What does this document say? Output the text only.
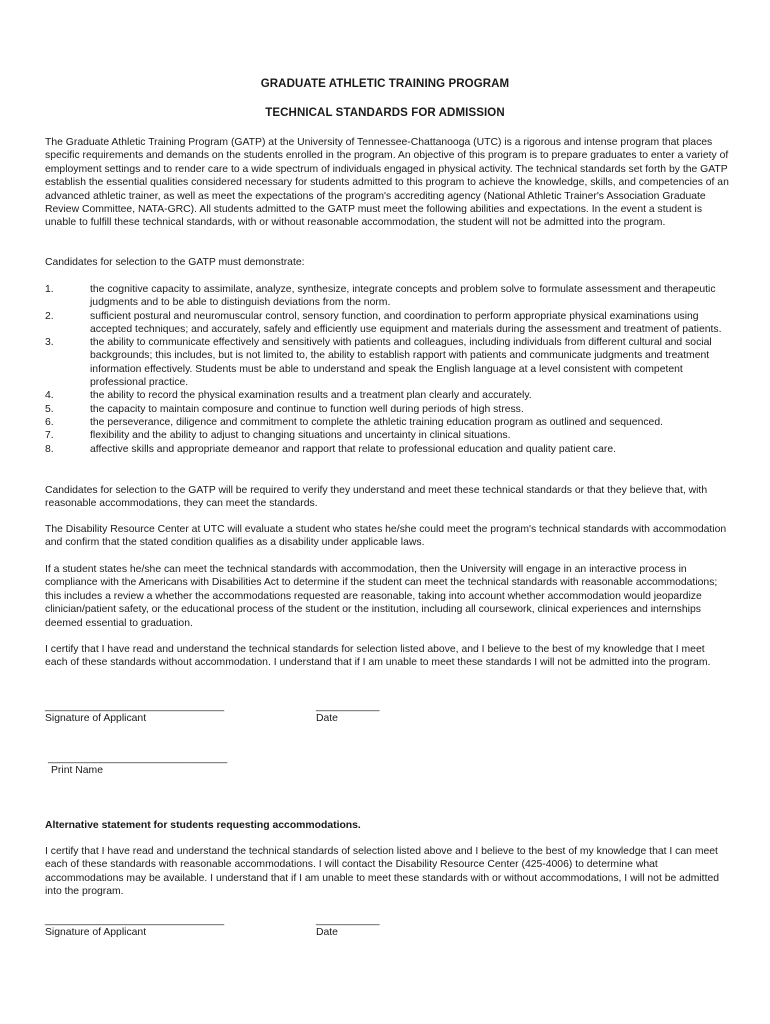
GRADUATE ATHLETIC TRAINING PROGRAM
TECHNICAL STANDARDS FOR ADMISSION
The Graduate Athletic Training Program (GATP) at the University of Tennessee-Chattanooga (UTC) is a rigorous and intense program that places specific requirements and demands on the students enrolled in the program. An objective of this program is to prepare graduates to enter a variety of employment settings and to render care to a wide spectrum of individuals engaged in physical activity. The technical standards set forth by the GATP establish the essential qualities considered necessary for students admitted to this program to achieve the knowledge, skills, and competencies of an advanced athletic trainer, as well as meet the expectations of the program's accrediting agency (National Athletic Trainer's Association Graduate Review Committee, NATA-GRC). All students admitted to the GATP must meet the following abilities and expectations. In the event a student is unable to fulfill these technical standards, with or without reasonable accommodation, the student will not be admitted into the program.
Candidates for selection to the GATP must demonstrate:
1.	the cognitive capacity to assimilate, analyze, synthesize, integrate concepts and problem solve to formulate assessment and therapeutic judgments and to be able to distinguish deviations from the norm.
2.	sufficient postural and neuromuscular control, sensory function, and coordination to perform appropriate physical examinations using accepted techniques; and accurately, safely and efficiently use equipment and materials during the assessment and treatment of patients.
3.	the ability to communicate effectively and sensitively with patients and colleagues, including individuals from different cultural and social backgrounds; this includes, but is not limited to, the ability to establish rapport with patients and communicate judgments and treatment information effectively. Students must be able to understand and speak the English language at a level consistent with competent professional practice.
4.	the ability to record the physical examination results and a treatment plan clearly and accurately.
5.	the capacity to maintain composure and continue to function well during periods of high stress.
6.	the perseverance, diligence and commitment to complete the athletic training education program as outlined and sequenced.
7.	flexibility and the ability to adjust to changing situations and uncertainty in clinical situations.
8.	affective skills and appropriate demeanor and rapport that relate to professional education and quality patient care.
Candidates for selection to the GATP will be required to verify they understand and meet these technical standards or that they believe that, with reasonable accommodations, they can meet the standards.
The Disability Resource Center at UTC will evaluate a student who states he/she could meet the program's technical standards with accommodation and confirm that the stated condition qualifies as a disability under applicable laws.
If a student states he/she can meet the technical standards with accommodation, then the University will engage in an interactive process in compliance with the Americans with Disabilities Act to determine if the student can meet the technical standards with reasonable accommodations; this includes a review a whether the accommodations requested are reasonable, taking into account whether accommodation would jeopardize clinician/patient safety, or the educational process of the student or the institution, including all coursework, clinical experiences and internships deemed essential to graduation.
I certify that I have read and understand the technical standards for selection listed above, and I believe to the best of my knowledge that I meet each of these standards without accommodation. I understand that if I am unable to meet these standards I will not be admitted into the program.
_______________________________
Signature of Applicant
___________
Date
_______________________________
Print Name
Alternative statement for students requesting accommodations.
I certify that I have read and understand the technical standards of selection listed above and I believe to the best of my knowledge that I can meet each of these standards with reasonable accommodations. I will contact the Disability Resource Center (425-4006) to determine what accommodations may be available. I understand that if I am unable to meet these standards with or without accommodations, I will not be admitted into the program.
_______________________________
Signature of Applicant
___________
Date
